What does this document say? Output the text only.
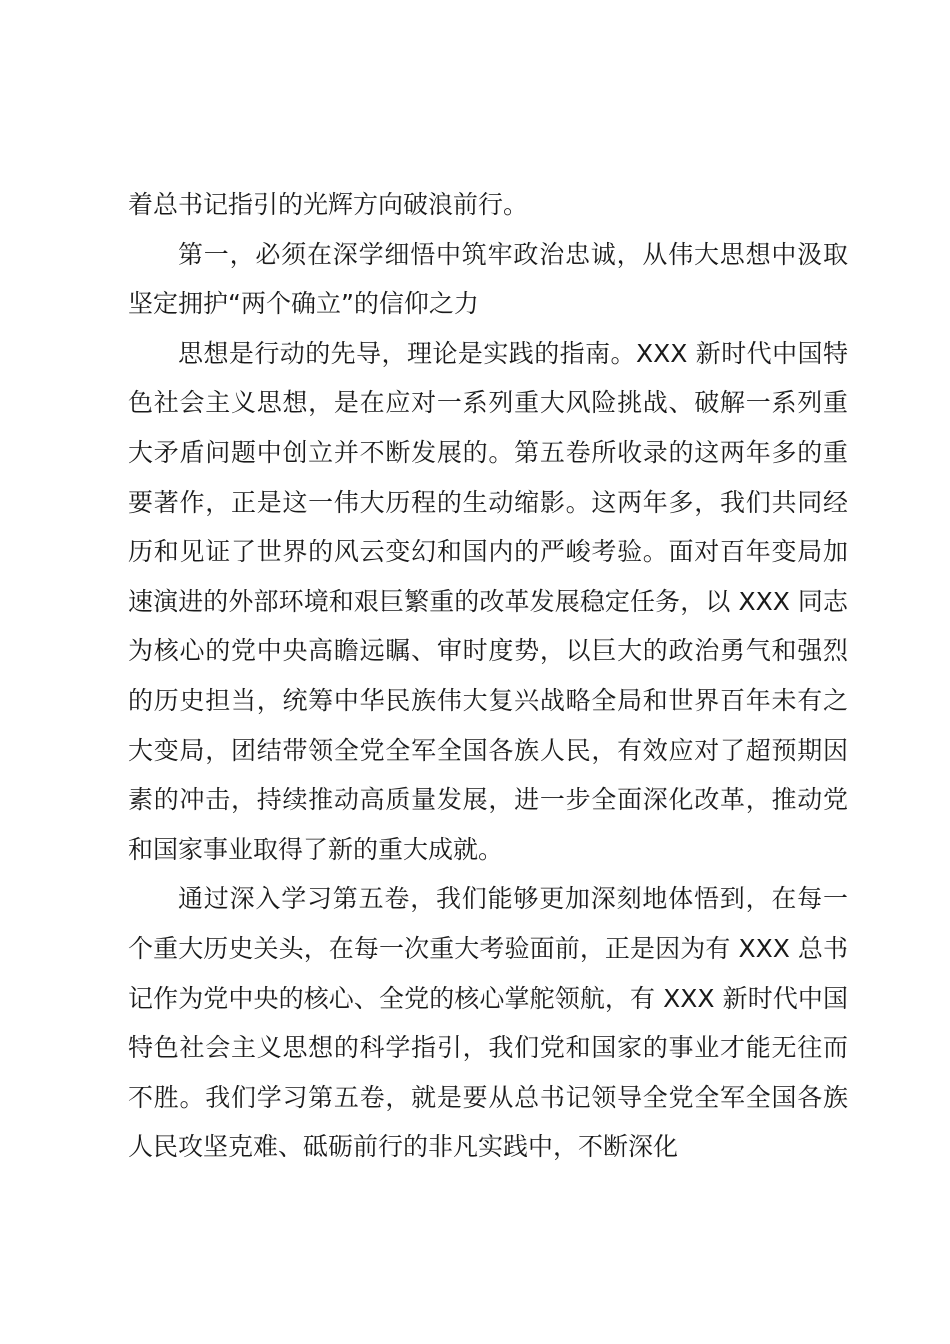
着总书记指引的光辉方向破浪前行。

第一，必须在深学细悟中筑牢政治忠诚，从伟大思想中汲取坚定拥护“两个确立”的信仰之力

思想是行动的先导，理论是实践的指南。XXX 新时代中国特色社会主义思想，是在应对一系列重大风险挑战、破解一系列重大矛盾问题中创立并不断发展的。第五卷所收录的这两年多的重要著作，正是这一伟大历程的生动缩影。这两年多，我们共同经历和见证了世界的风云变幻和国内的严峻考验。面对百年变局加速演进的外部环境和艰巨繁重的改革发展稳定任务，以 XXX 同志为核心的党中央高瞻远瞩、审时度势，以巨大的政治勇气和强烈的历史担当，统筹中华民族伟大复兴战略全局和世界百年未有之大变局，团结带领全党全军全国各族人民，有效应对了超预期因素的冲击，持续推动高质量发展，进一步全面深化改革，推动党和国家事业取得了新的重大成就。

通过深入学习第五卷，我们能够更加深刻地体悟到，在每一个重大历史关头，在每一次重大考验面前，正是因为有 XXX 总书记作为党中央的核心、全党的核心掌舵领航，有 XXX 新时代中国特色社会主义思想的科学指引，我们党和国家的事业才能无往而不胜。我们学习第五卷，就是要从总书记领导全党全军全国各族人民攻坚克难、砥砺前行的非凡实践中，不断深化
